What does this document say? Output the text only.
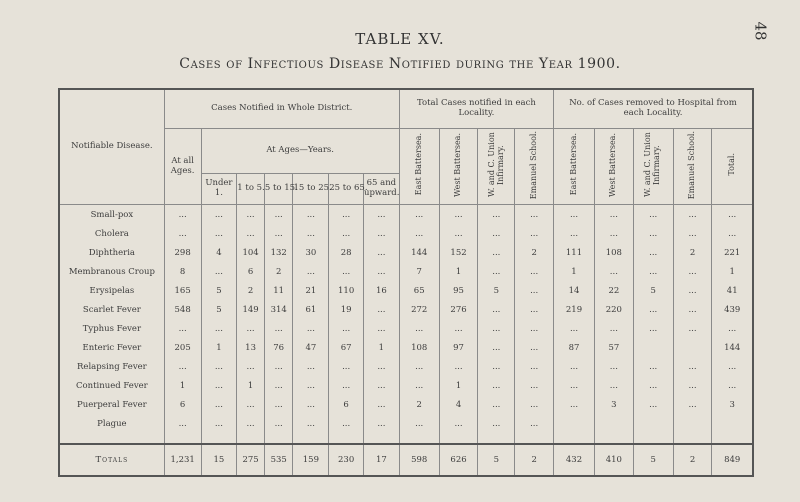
48
TABLE XV.
Cases of Infectious Disease Notified during the Year 1900.
Notifiable Disease.	Cases Notified in Whole District.							Total Cases notified in each Locality.				No. of Cases removed to Hospital from each Locality.				
	At all Ages.	At Ages—Years.						East Battersea.	West Battersea.	W. and C. Union Infirmary.	Emanuel School.	East Battersea.	West Battersea.	W. and C. Union Infirmary.	Emanuel School.	Total.
		Under 1.	1 to 5.	5 to 15.	15 to 25.	25 to 65.	65 and upward.									
Small-pox	...	...	...	...	...	...	...	...	...	...	...	...	...	...	...	...
Cholera	...	...	...	...	...	...	...	...	...	...	...	...	...	...	...	...
Diphtheria	298	4	104	132	30	28	...	144	152	...	2	111	108	...	2	221
Membranous Croup	8	...	6	2	...	...	...	7	1	...	...	1	...	...	...	1
Erysipelas	165	5	2	11	21	110	16	65	95	5	...	14	22	5	...	41
Scarlet Fever	548	5	149	314	61	19	...	272	276	...	...	219	220	...	...	439
Typhus Fever	...	...	...	...	...	...	...	...	...	...	...	...	...	...	...	...
Enteric Fever	205	1	13	76	47	67	1	108	97	...	...	87	57			144
Relapsing Fever	...	...	...	...	...	...	...	...	...	...	...	...	...	...	...	...
Continued Fever	1	...	1	...	...	...	...	...	1	...	...	...	...	...	...	...
Puerperal Fever	6	...	...	...	...	6	...	2	4	...	...	...	3	...	...	3
Plague	...	...	...	...	...	...	...	...	...	...	...					

Totals	1,231	15	275	535	159	230	17	598	626	5	2	432	410	5	2	849
